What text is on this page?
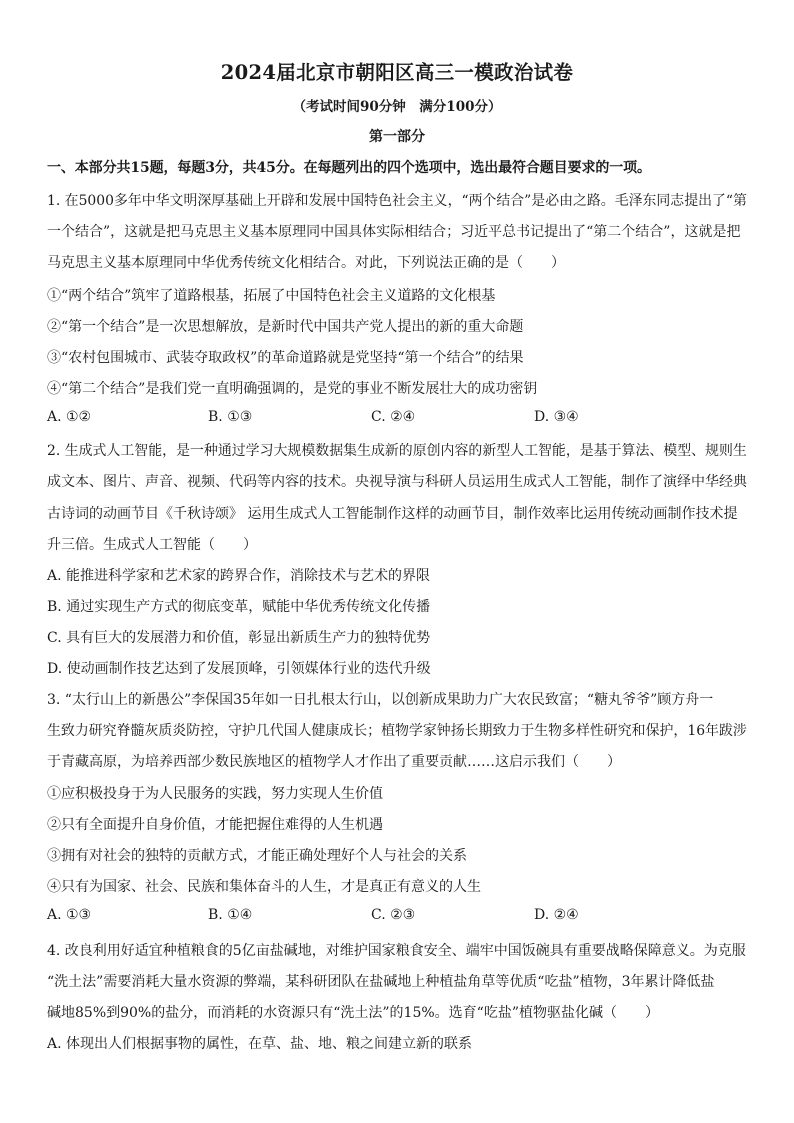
2024届北京市朝阳区高三一模政治试卷
（考试时间90分钟　满分100分）
第一部分
一、本部分共15题，每题3分，共45分。在每题列出的四个选项中，选出最符合题目要求的一项。
1. 在5000多年中华文明深厚基础上开辟和发展中国特色社会主义，“两个结合”是必由之路。毛泽东同志提出了“第
一个结合”，这就是把马克思主义基本原理同中国具体实际相结合；习近平总书记提出了“第二个结合”，这就是把
马克思主义基本原理同中华优秀传统文化相结合。对此，下列说法正确的是（　　）
①“两个结合”筑牢了道路根基，拓展了中国特色社会主义道路的文化根基
②“第一个结合”是一次思想解放，是新时代中国共产党人提出的新的重大命题
③“农村包围城市、武装夺取政权”的革命道路就是党坚持“第一个结合”的结果
④“第二个结合”是我们党一直明确强调的，是党的事业不断发展壮大的成功密钥
A. ①②	B. ①③	C. ②④	D. ③④
2. 生成式人工智能，是一种通过学习大规模数据集生成新的原创内容的新型人工智能，是基于算法、模型、规则生
成文本、图片、声音、视频、代码等内容的技术。央视导演与科研人员运用生成式人工智能，制作了演绎中华经典
古诗词的动画节目《千秋诗颂》 运用生成式人工智能制作这样的动画节目，制作效率比运用传统动画制作技术提
升三倍。生成式人工智能（　　）
A. 能推进科学家和艺术家的跨界合作，消除技术与艺术的界限
B. 通过实现生产方式的彻底变革，赋能中华优秀传统文化传播
C. 具有巨大的发展潜力和价值，彰显出新质生产力的独特优势
D. 使动画制作技艺达到了发展顶峰，引领媒体行业的迭代升级
3. “太行山上的新愚公”李保国35年如一日扎根太行山，以创新成果助力广大农民致富；“糖丸爷爷”顾方舟一
生致力研究脊髓灰质炎防控，守护几代国人健康成长；植物学家钟扬长期致力于生物多样性研究和保护，16年跋涉
于青藏高原，为培养西部少数民族地区的植物学人才作出了重要贡献……这启示我们（　　）
①应积极投身于为人民服务的实践，努力实现人生价值
②只有全面提升自身价值，才能把握住难得的人生机遇
③拥有对社会的独特的贡献方式，才能正确处理好个人与社会的关系
④只有为国家、社会、民族和集体奋斗的人生，才是真正有意义的人生
A. ①③	B. ①④	C. ②③	D. ②④
4. 改良利用好适宜种植粮食的5亿亩盐碱地，对维护国家粮食安全、端牢中国饭碗具有重要战略保障意义。为克服
“洗土法”需要消耗大量水资源的弊端，某科研团队在盐碱地上种植盐角草等优质“吃盐”植物，3年累计降低盐
碱地85%到90%的盐分，而消耗的水资源只有“洗土法”的15%。选育“吃盐”植物驱盐化碱（　　）
A. 体现出人们根据事物的属性，在草、盐、地、粮之间建立新的联系
